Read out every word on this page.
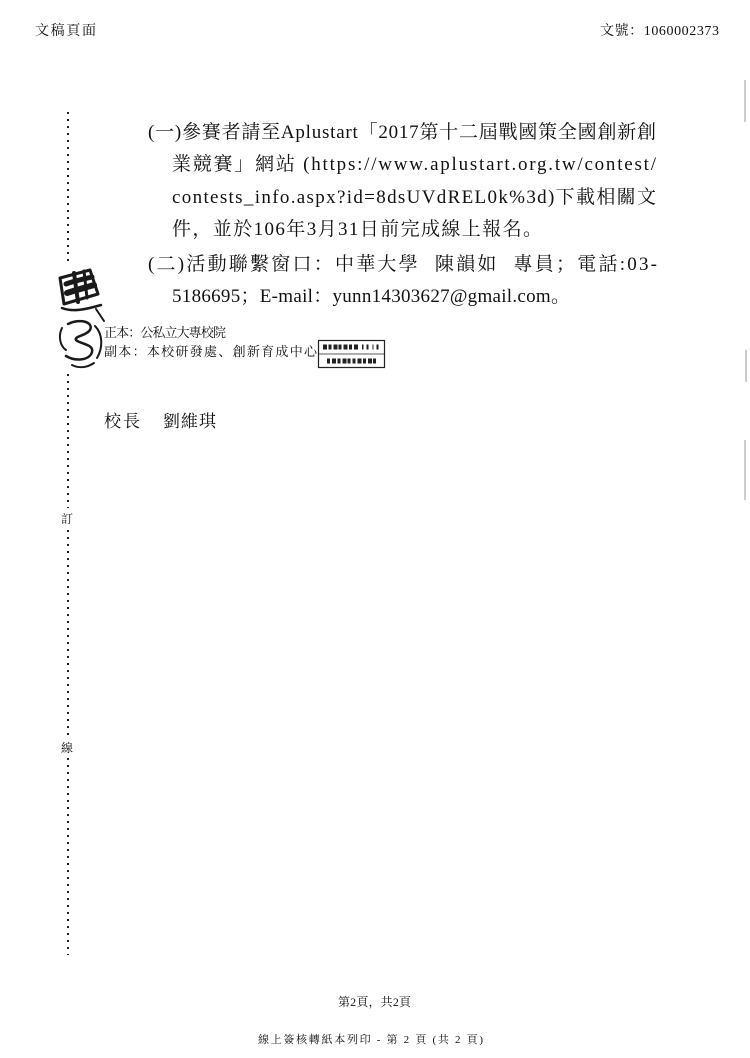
文稿頁面	文號：1060002373
訂
線
(一)參賽者請至Aplustart「2017第十二屆戰國策全國創新創
業競賽」網站 (https://www.aplustart.org.tw/contest/
contests_info.aspx?id=8dsUVdREL0k%3d)下載相關文
件，並於106年3月31日前完成線上報名。
(二)活動聯繫窗口：中華大學 陳韻如 專員；電話:03-
5186695；E-mail：yunn14303627@gmail.com。
正本：公私立大專校院
副本：本校研發處、創新育成中心
校長 劉維琪
第2頁，共2頁
線上簽核轉紙本列印 - 第 2 頁 (共 2 頁)
